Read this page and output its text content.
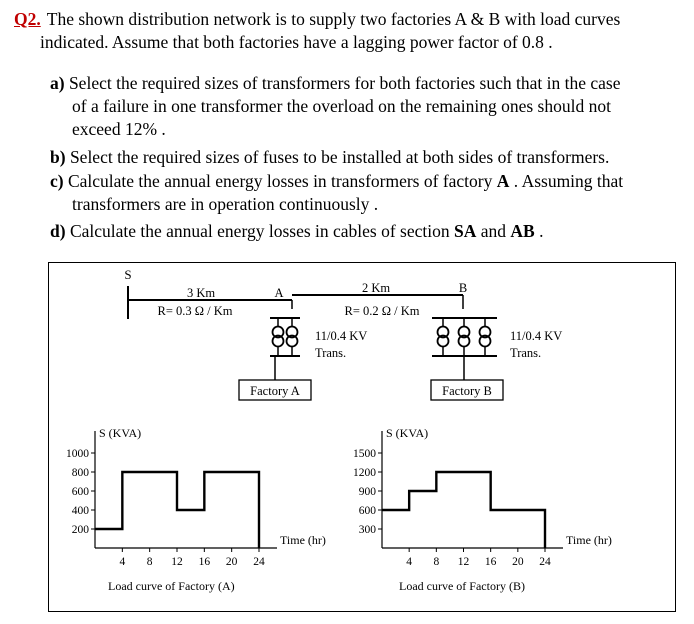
Q2. The shown distribution network is to supply two factories A & B with load curves
indicated. Assume that both factories have a lagging power factor of 0.8 .
a) Select the required sizes of transformers for both factories such that in the case
of a failure in one transformer the overload on the remaining ones should not
exceed 12% .
b) Select the required sizes of fuses to be installed at both sides of transformers.
c) Calculate the annual energy losses in transformers of factory A . Assuming that
transformers are in operation continuously .
d) Calculate the annual energy losses in cables of section SA and AB .
S
3 Km
R= 0.3 Ω / Km
A	2 Km
R= 0.2 Ω / Km
B
11/0.4 KV
Trans.
11/0.4 KV
Trans.
Factory A	Factory B
S (KVA)
Time (hr)
200
400
600
800
1000
4 8 12 16 20 24
Load curve of Factory (A)
S (KVA)
Time (hr)
300
600
900
1200
1500
4 8 12 16 20 24
Load curve of Factory (B)
